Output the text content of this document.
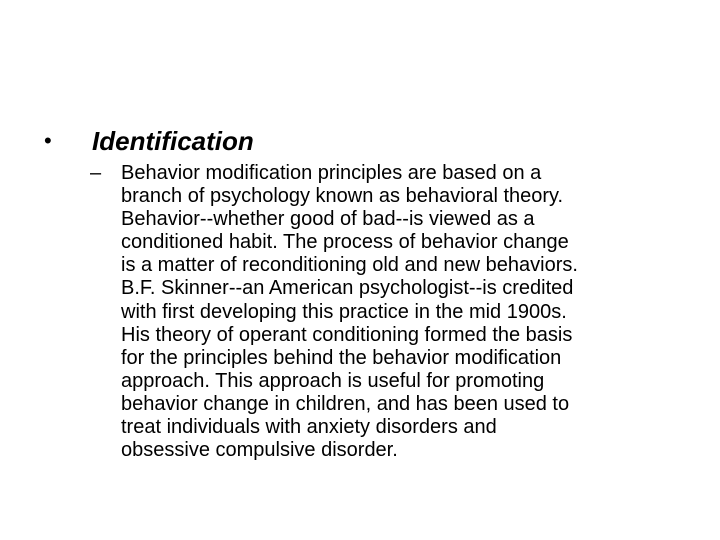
• Identification
– Behavior modification principles are based on a
branch of psychology known as behavioral theory.
Behavior--whether good of bad--is viewed as a
conditioned habit. The process of behavior change
is a matter of reconditioning old and new behaviors.
B.F. Skinner--an American psychologist--is credited
with first developing this practice in the mid 1900s.
His theory of operant conditioning formed the basis
for the principles behind the behavior modification
approach. This approach is useful for promoting
behavior change in children, and has been used to
treat individuals with anxiety disorders and
obsessive compulsive disorder.
